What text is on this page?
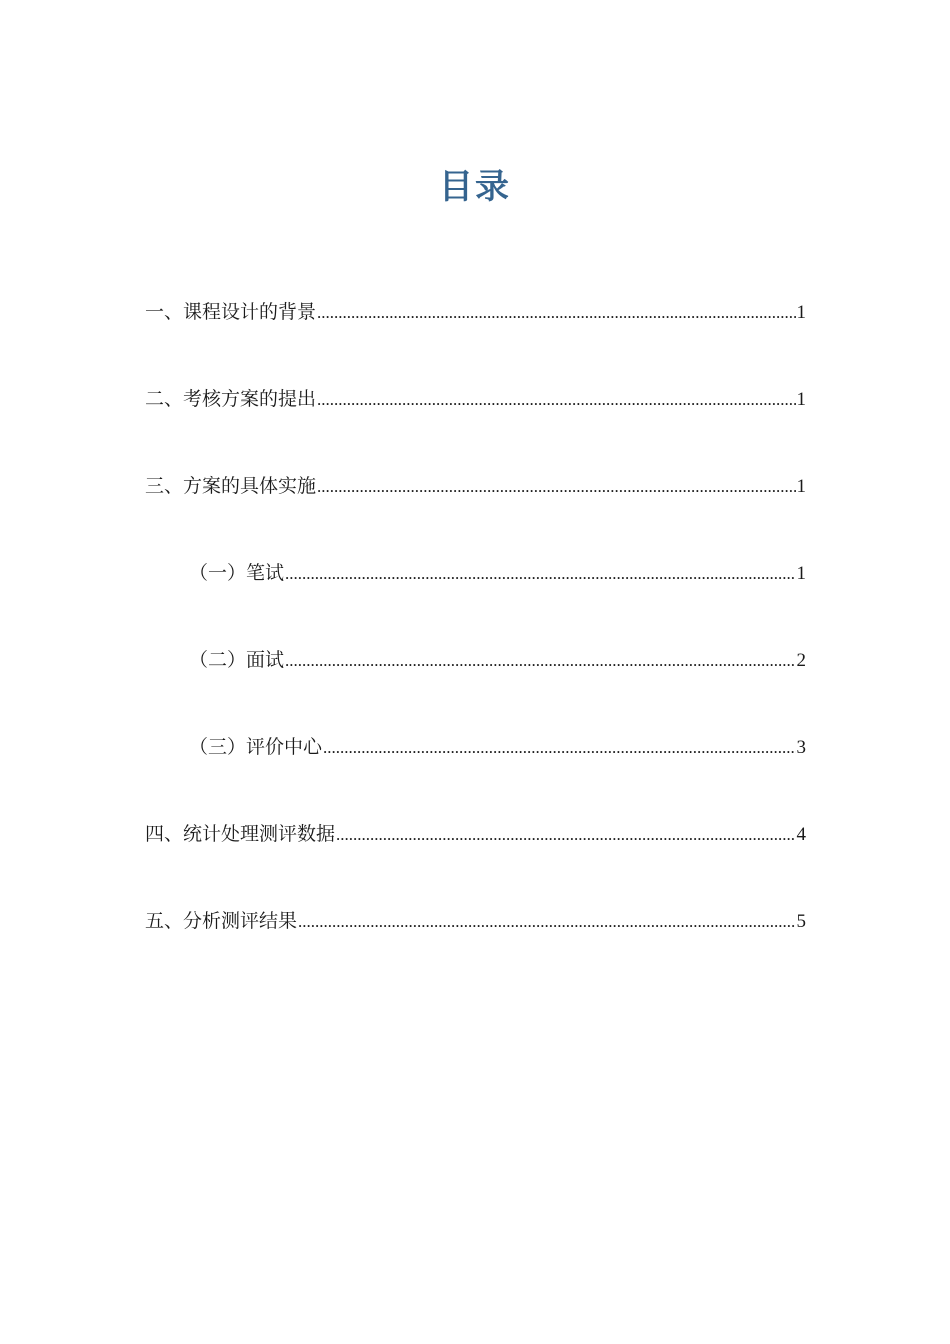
目录
一、课程设计的背景 .....	1
二、考核方案的提出 .....	1
三、方案的具体实施 .....	1
（一）笔试 .....	1
（二）面试 .....	2
（三）评价中心 .....	3
四、统计处理测评数据 .....	4
五、分析测评结果 .....	5
